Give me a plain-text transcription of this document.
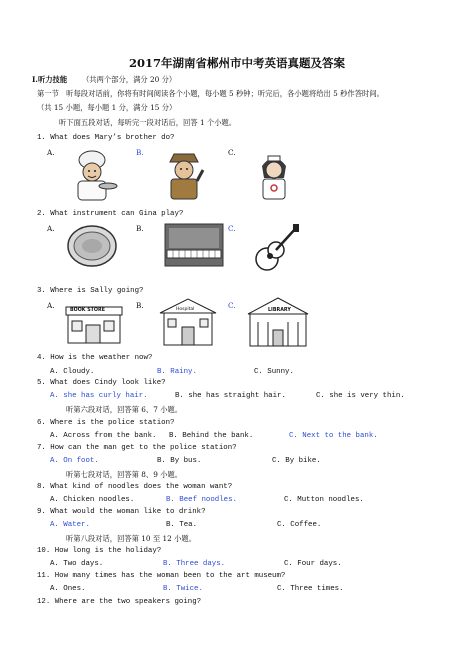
2017年湖南省郴州市中考英语真题及答案
Ⅰ.听力技能 （共两个部分，满分 20 分）
第一节　听每段对话前，你将有时间阅读各个小题，每小题 5 秒钟；听完后，各小题将给出 5 秒作答时间。
（共 15 小题，每小题 1 分，满分 15 分）
听下面五段对话，每听完一段对话后，回答 1 个小题。
1. What does Mary’s brother do?
A.	B.	C.
2. What instrument can Gina play?
A.	B.	C.
3. Where is Sally going?
A.	B.	C.
BOOK STORE	Hospital	LIBRARY
4. How is the weather now?
A. Cloudy.	B. Rainy.	C. Sunny.
5. What does Cindy look like?
A. she has curly hair.	B. she has straight hair.	C. she is very thin.
听第六段对话，回答第 6、7 小题。
6. Where is the police station?
A. Across from the bank. B. Behind the bank.	C. Next to the bank.
7. How can the man get to the police station?
A. On foot.	B. By bus.	C. By bike.
听第七段对话，回答第 8、9 小题。
8. What kind of noodles does the woman want?
A. Chicken noodles.	B. Beef noodles.	C. Mutton noodles.
9. What would the woman like to drink?
A. Water.	B. Tea.	C. Coffee.
听第八段对话，回答第 10 至 12 小题。
10. How long is the holiday?
A. Two days.	B. Three days.	C. Four days.
11. How many times has the woman been to the art museum?
A. Ones.	B. Twice.	C. Three times.
12. Where are the two speakers going?
